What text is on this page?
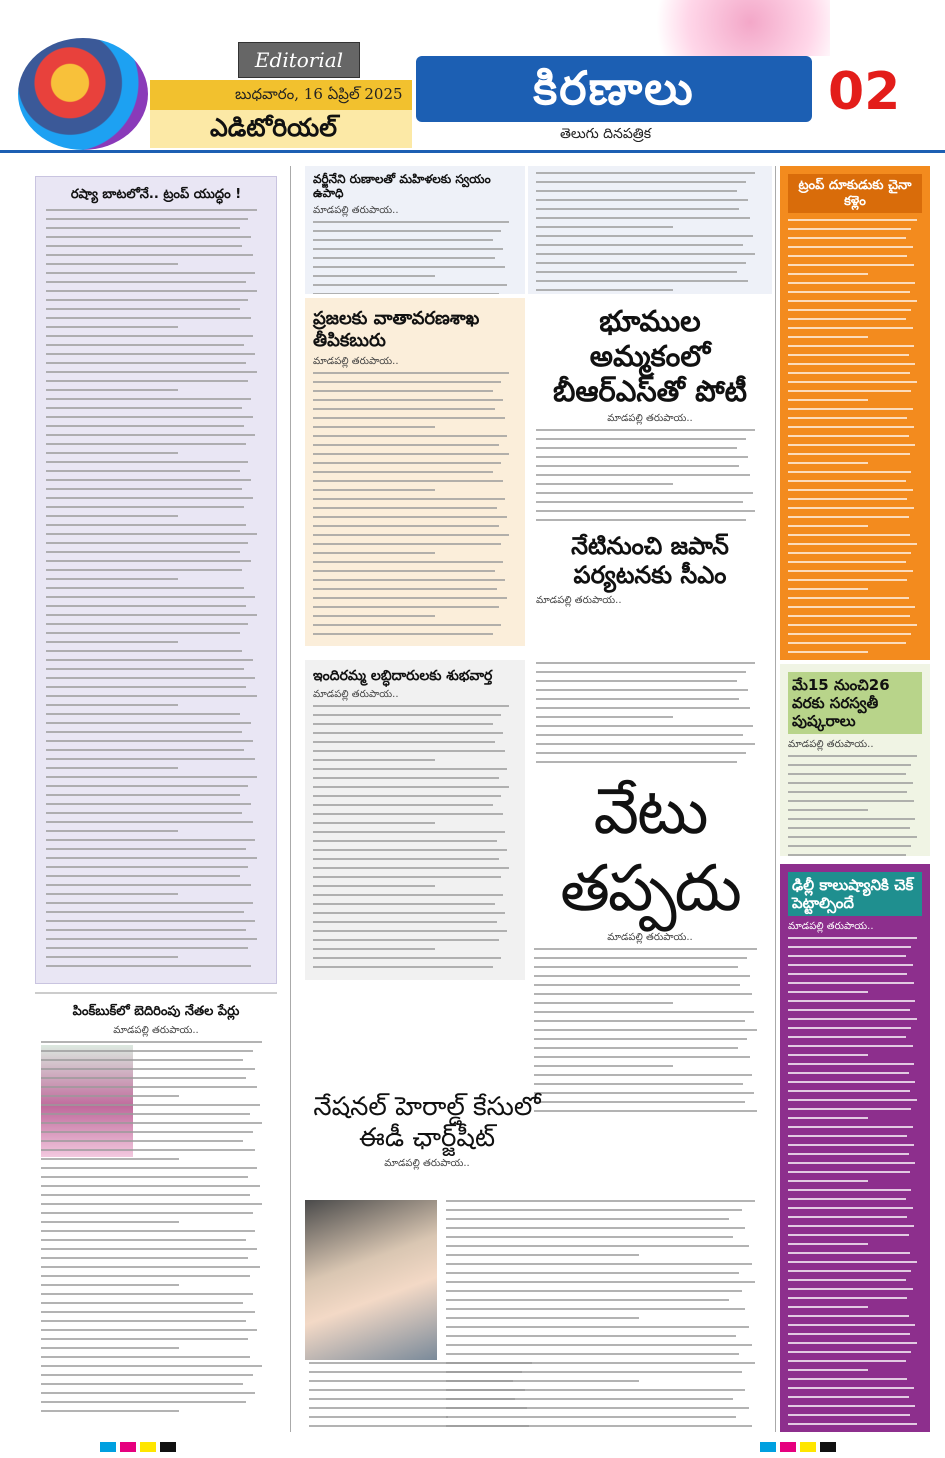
Editorial
బుధవారం, 16 ఏప్రిల్ 2025
ఎడిటోరియల్
కిరణాలు	02
తెలుగు దినపత్రిక
రష్యా బాటలోనే.. ట్రంప్ యుద్ధం !
పింక్‌బుక్‌లో బెదిరింపు నేతల పేర్లు
మాడపల్లి తరుపాయ..
వర్జీనేని రుణాలతో మహిళలకు స్వయం ఉపాధి
మాడపల్లి తరుపాయ..
ప్రజలకు వాతావరణశాఖ తీపికబురు
మాడపల్లి తరుపాయ..
ఇందిరమ్మ లబ్ధిదారులకు శుభవార్త
మాడపల్లి తరుపాయ..
భూముల అమ్మకంలో బీఆర్‌ఎస్‌తో పోటీ
మాడపల్లి తరుపాయ..
నేటినుంచి జపాన్ పర్యటనకు సీఎం
మాడపల్లి తరుపాయ..
వేటు తప్పదు
మాడపల్లి తరుపాయ..
నేషనల్ హెరాల్డ్ కేసులో ఈడీ ఛార్జ్‌షీట్
మాడపల్లి తరుపాయ..
ట్రంప్ దూకుడుకు చైనా కళ్లెం
మే15 నుంచి26 వరకు సరస్వతీ పుష్కరాలు
మాడపల్లి తరుపాయ..
ఢిల్లీ కాలుష్యానికి చెక్ పెట్టాల్సిందే
మాడపల్లి తరుపాయ..
